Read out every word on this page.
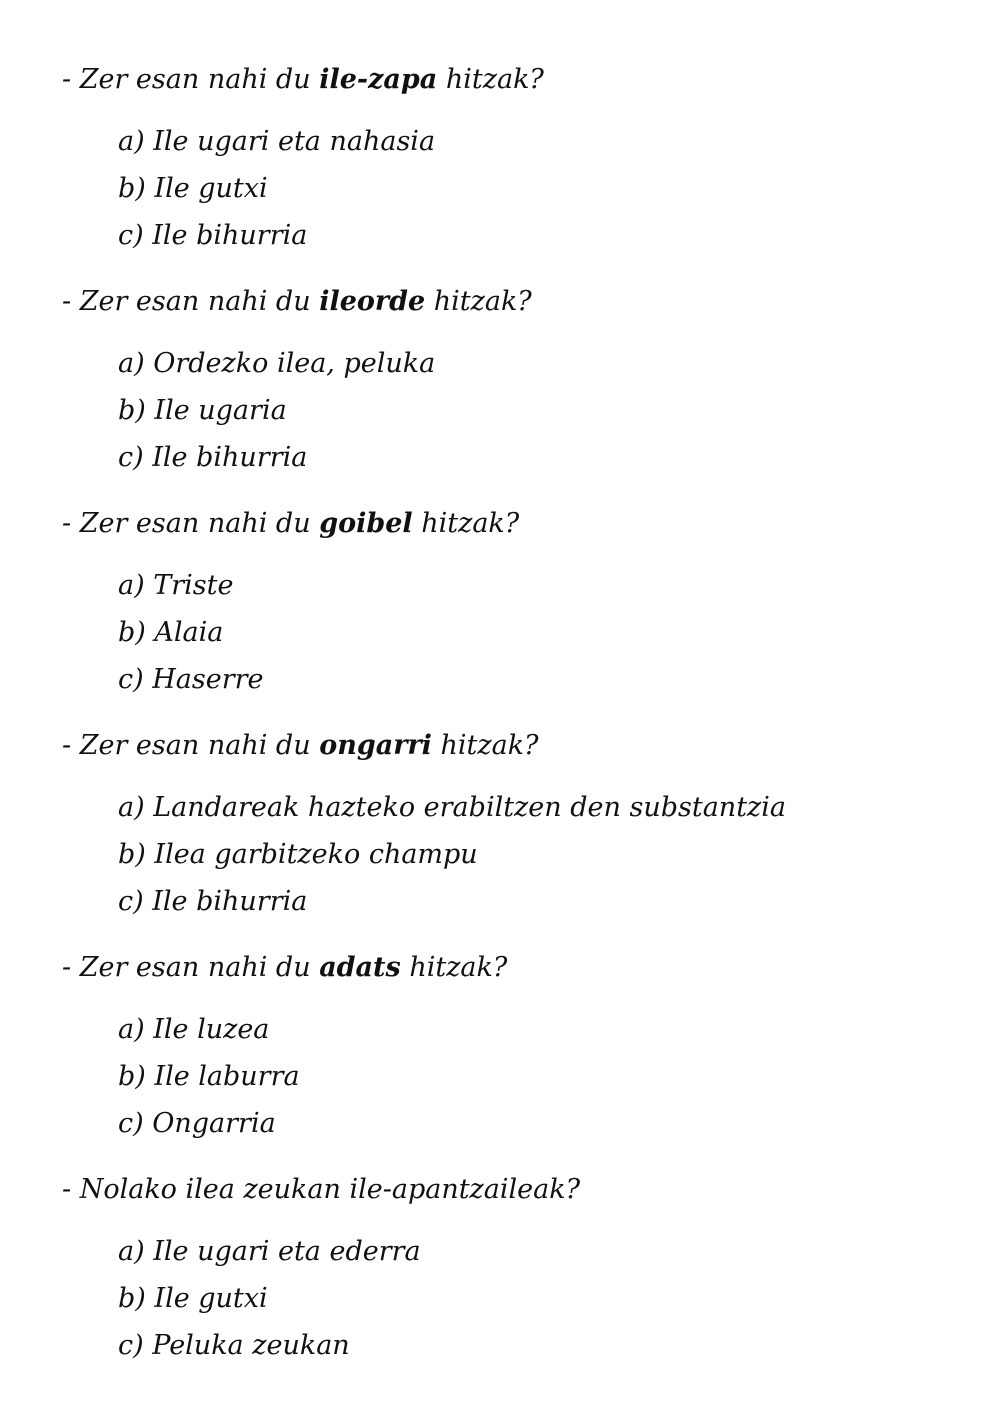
- Zer esan nahi du ile-zapa hitzak?
a) Ile ugari eta nahasia
b) Ile gutxi
c) Ile bihurria
- Zer esan nahi du ileorde hitzak?
a) Ordezko ilea, peluka
b) Ile ugaria
c) Ile bihurria
- Zer esan nahi du goibel hitzak?
a) Triste
b) Alaia
c) Haserre
- Zer esan nahi du ongarri hitzak?
a) Landareak hazteko erabiltzen den substantzia
b) Ilea garbitzeko champu
c) Ile bihurria
- Zer esan nahi du adats hitzak?
a) Ile luzea
b) Ile laburra
c) Ongarria
- Nolako ilea zeukan ile-apantzaileak?
a) Ile ugari eta ederra
b) Ile gutxi
c) Peluka zeukan
